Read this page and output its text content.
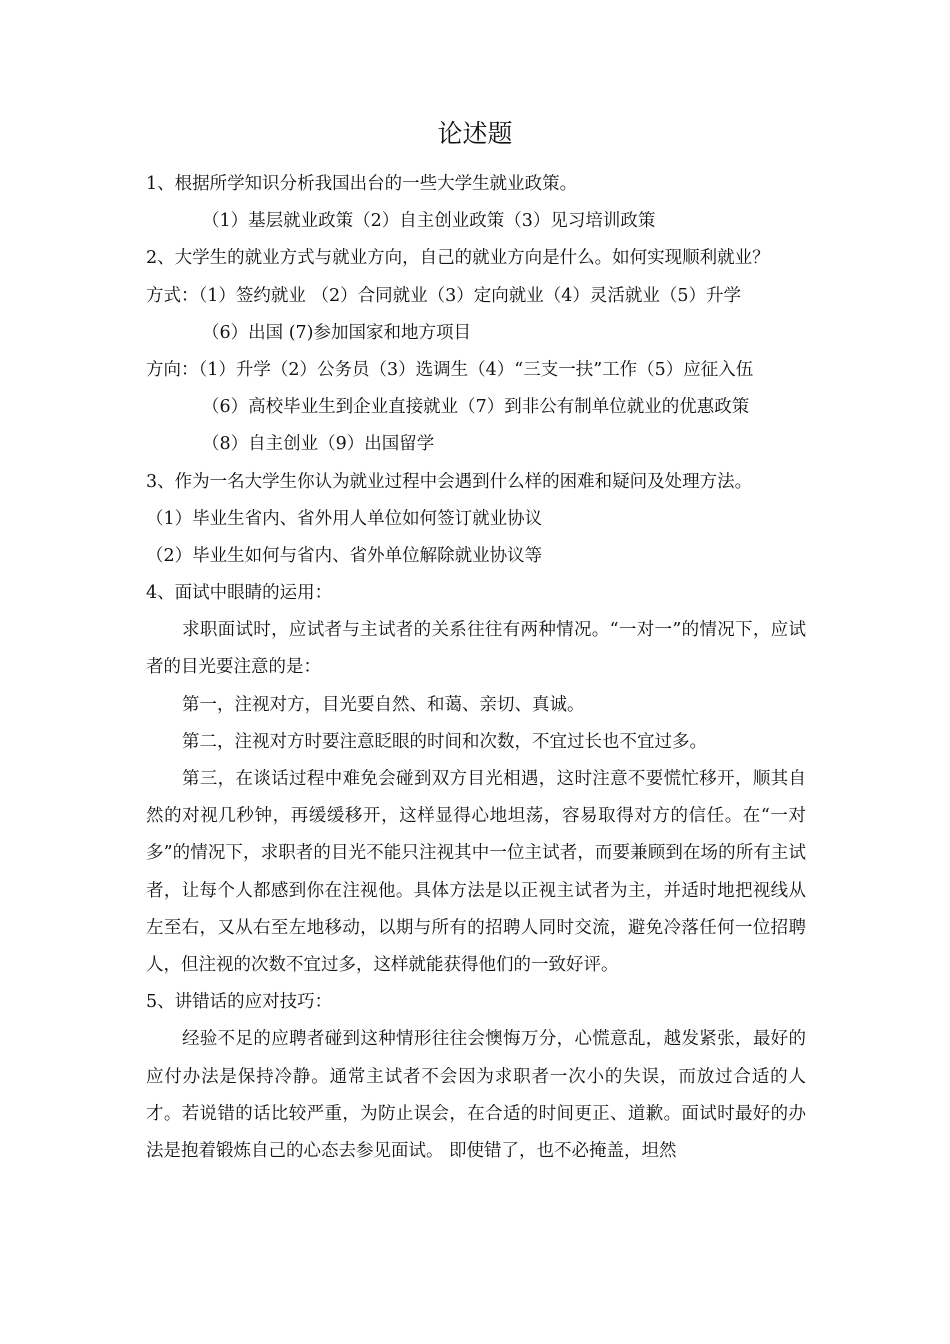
论述题
1、根据所学知识分析我国出台的一些大学生就业政策。
（1）基层就业政策（2）自主创业政策（3）见习培训政策
2、大学生的就业方式与就业方向，自己的就业方向是什么。如何实现顺利就业？
方式：（1）签约就业 （2）合同就业（3）定向就业（4）灵活就业（5）升学
（6）出国 (7)参加国家和地方项目
方向：（1）升学（2）公务员（3）选调生（4）“三支一扶”工作（5）应征入伍
（6）高校毕业生到企业直接就业（7）到非公有制单位就业的优惠政策
（8）自主创业（9）出国留学
3、作为一名大学生你认为就业过程中会遇到什么样的困难和疑问及处理方法。
（1）毕业生省内、省外用人单位如何签订就业协议
（2）毕业生如何与省内、省外单位解除就业协议等
4、面试中眼睛的运用：
求职面试时，应试者与主试者的关系往往有两种情况。“一对一”的情况下，应试者的目光要注意的是：
第一，注视对方，目光要自然、和蔼、亲切、真诚。
第二，注视对方时要注意眨眼的时间和次数，不宜过长也不宜过多。
第三，在谈话过程中难免会碰到双方目光相遇，这时注意不要慌忙移开，顺其自然的对视几秒钟，再缓缓移开，这样显得心地坦荡，容易取得对方的信任。在“一对多”的情况下，求职者的目光不能只注视其中一位主试者，而要兼顾到在场的所有主试者，让每个人都感到你在注视他。具体方法是以正视主试者为主，并适时地把视线从左至右，又从右至左地移动，以期与所有的招聘人同时交流，避免冷落任何一位招聘人，但注视的次数不宜过多，这样就能获得他们的一致好评。
5、讲错话的应对技巧：
经验不足的应聘者碰到这种情形往往会懊悔万分，心慌意乱，越发紧张，最好的应付办法是保持冷静。通常主试者不会因为求职者一次小的失误，而放过合适的人才。若说错的话比较严重，为防止误会，在合适的时间更正、道歉。面试时最好的办法是抱着锻炼自己的心态去参见面试。 即使错了，也不必掩盖，坦然
